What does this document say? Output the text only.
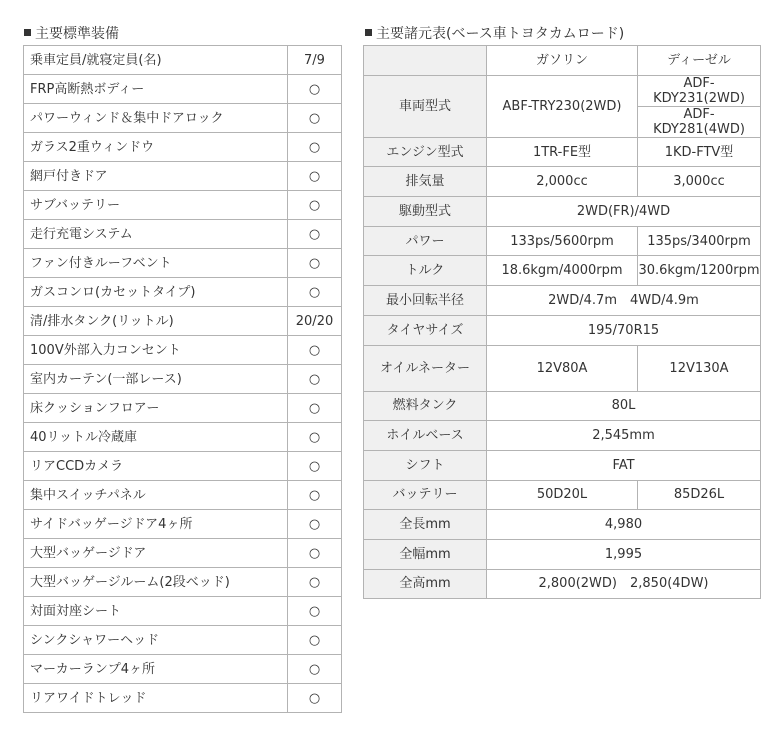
主要標準装備
乗車定員/就寝定員(名)	7/9
FRP高断熱ボディー	○
パワーウィンド＆集中ドアロック	○
ガラス2重ウィンドウ	○
網戸付きドア	○
サブバッテリー	○
走行充電システム	○
ファン付きルーフベント	○
ガスコンロ(カセットタイプ)	○
清/排水タンク(リットル)	20/20
100V外部入力コンセント	○
室内カーテン(一部レース)	○
床クッションフロアー	○
40リットル冷蔵庫	○
リアCCDカメラ	○
集中スイッチパネル	○
サイドバッゲージドア4ヶ所	○
大型バッゲージドア	○
大型バッゲージルーム(2段ベッド)	○
対面対座シート	○
シンクシャワーヘッド	○
マーカーランプ4ヶ所	○
リアワイドトレッド	○
主要諸元表(ベース車トヨタカムロード)
	ガソリン	ディーゼル
車両型式	ABF-TRY230(2WD)	ADF-KDY231(2WD)
		ADF-KDY281(4WD)
エンジン型式	1TR-FE型	1KD-FTV型
排気量	2,000cc	3,000cc
駆動型式	2WD(FR)/4WD	
パワー	133ps/5600rpm	135ps/3400rpm
トルク	18.6kgm/4000rpm	30.6kgm/1200rpm
最小回転半径	2WD/4.7m　4WD/4.9m	
タイヤサイズ	195/70R15	
オイルネーター	12V80A	12V130A
燃料タンク	80L	
ホイルベース	2,545mm	
シフト	FAT	
バッテリー	50D20L	85D26L
全長mm	4,980	
全幅mm	1,995	
全高mm	2,800(2WD)　2,850(4DW)	
